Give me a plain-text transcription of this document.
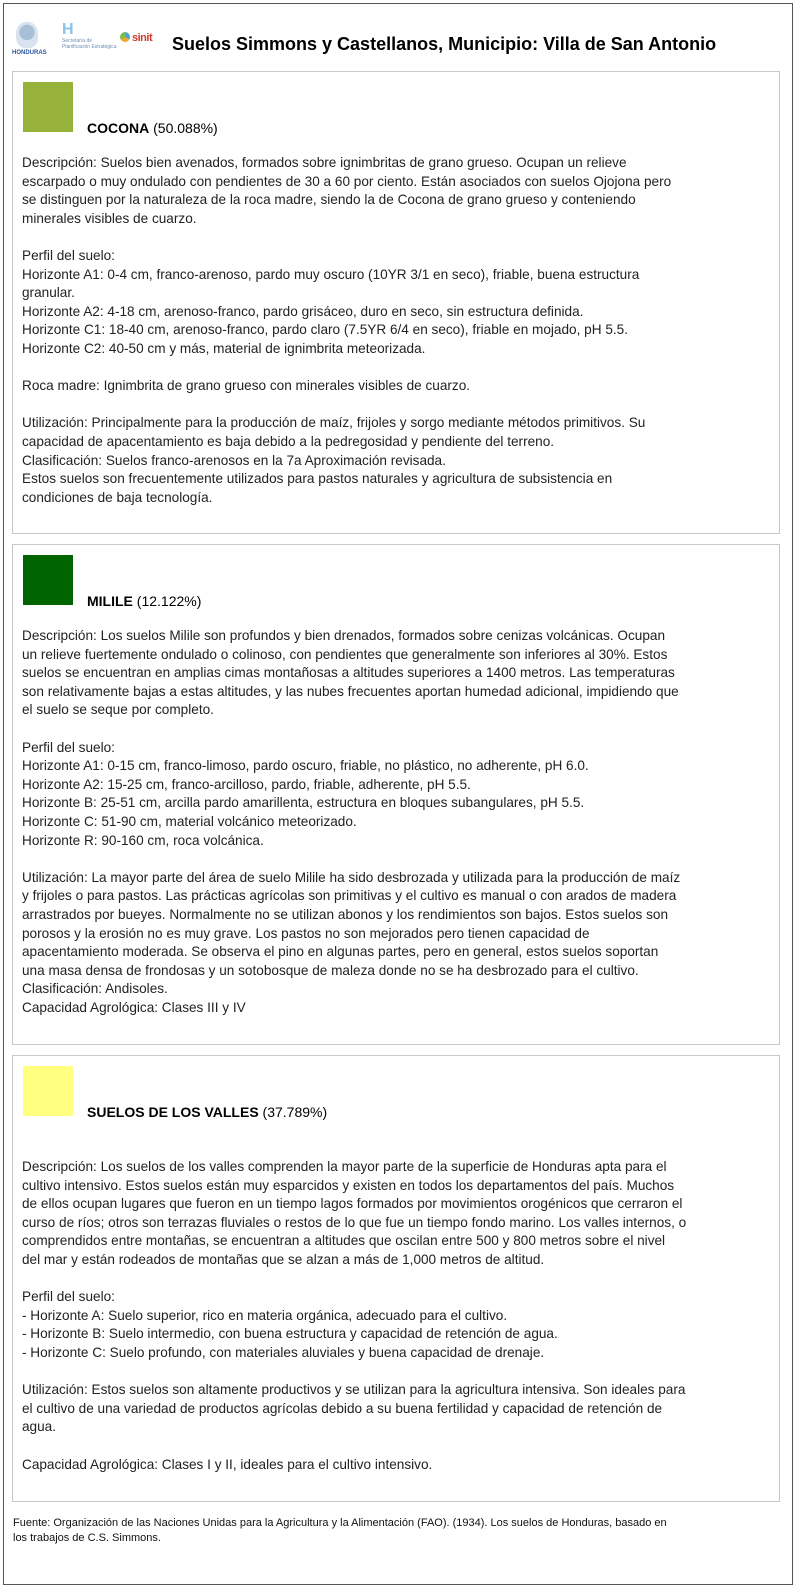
HONDURAS
H
Secretaría de Planificación Estratégica
sinit Suelos Simmons y Castellanos, Municipio: Villa de San Antonio
COCONA (50.088%)

Descripción: Suelos bien avenados, formados sobre ignimbritas de grano grueso. Ocupan un relieve

escarpado o muy ondulado con pendientes de 30 a 60 por ciento. Están asociados con suelos Ojojona pero

se distinguen por la naturaleza de la roca madre, siendo la de Cocona de grano grueso y conteniendo

minerales visibles de cuarzo.

Perfil del suelo:

Horizonte A1: 0-4 cm, franco-arenoso, pardo muy oscuro (10YR 3/1 en seco), friable, buena estructura

granular.

Horizonte A2: 4-18 cm, arenoso-franco, pardo grisáceo, duro en seco, sin estructura definida.

Horizonte C1: 18-40 cm, arenoso-franco, pardo claro (7.5YR 6/4 en seco), friable en mojado, pH 5.5.

Horizonte C2: 40-50 cm y más, material de ignimbrita meteorizada.

Roca madre: Ignimbrita de grano grueso con minerales visibles de cuarzo.

Utilización: Principalmente para la producción de maíz, frijoles y sorgo mediante métodos primitivos. Su

capacidad de apacentamiento es baja debido a la pedregosidad y pendiente del terreno.

Clasificación: Suelos franco-arenosos en la 7a Aproximación revisada.

Estos suelos son frecuentemente utilizados para pastos naturales y agricultura de subsistencia en

condiciones de baja tecnología.

MILILE (12.122%)

Descripción: Los suelos Milile son profundos y bien drenados, formados sobre cenizas volcánicas. Ocupan

un relieve fuertemente ondulado o colinoso, con pendientes que generalmente son inferiores al 30%. Estos

suelos se encuentran en amplias cimas montañosas a altitudes superiores a 1400 metros. Las temperaturas

son relativamente bajas a estas altitudes, y las nubes frecuentes aportan humedad adicional, impidiendo que

el suelo se seque por completo.

Perfil del suelo:

Horizonte A1: 0-15 cm, franco-limoso, pardo oscuro, friable, no plástico, no adherente, pH 6.0.

Horizonte A2: 15-25 cm, franco-arcilloso, pardo, friable, adherente, pH 5.5.

Horizonte B: 25-51 cm, arcilla pardo amarillenta, estructura en bloques subangulares, pH 5.5.

Horizonte C: 51-90 cm, material volcánico meteorizado.

Horizonte R: 90-160 cm, roca volcánica.

Utilización: La mayor parte del área de suelo Milile ha sido desbrozada y utilizada para la producción de maíz

y frijoles o para pastos. Las prácticas agrícolas son primitivas y el cultivo es manual o con arados de madera

arrastrados por bueyes. Normalmente no se utilizan abonos y los rendimientos son bajos. Estos suelos son

porosos y la erosión no es muy grave. Los pastos no son mejorados pero tienen capacidad de

apacentamiento moderada. Se observa el pino en algunas partes, pero en general, estos suelos soportan

una masa densa de frondosas y un sotobosque de maleza donde no se ha desbrozado para el cultivo.

Clasificación: Andisoles.

Capacidad Agrológica: Clases III y IV

SUELOS DE LOS VALLES (37.789%)

Descripción: Los suelos de los valles comprenden la mayor parte de la superficie de Honduras apta para el

cultivo intensivo. Estos suelos están muy esparcidos y existen en todos los departamentos del país. Muchos

de ellos ocupan lugares que fueron en un tiempo lagos formados por movimientos orogénicos que cerraron el

curso de ríos; otros son terrazas fluviales o restos de lo que fue un tiempo fondo marino. Los valles internos, o

comprendidos entre montañas, se encuentran a altitudes que oscilan entre 500 y 800 metros sobre el nivel

del mar y están rodeados de montañas que se alzan a más de 1,000 metros de altitud.

Perfil del suelo:

- Horizonte A: Suelo superior, rico en materia orgánica, adecuado para el cultivo.

- Horizonte B: Suelo intermedio, con buena estructura y capacidad de retención de agua.

- Horizonte C: Suelo profundo, con materiales aluviales y buena capacidad de drenaje.

Utilización: Estos suelos son altamente productivos y se utilizan para la agricultura intensiva. Son ideales para

el cultivo de una variedad de productos agrícolas debido a su buena fertilidad y capacidad de retención de

agua.

Capacidad Agrológica: Clases I y II, ideales para el cultivo intensivo.

Fuente: Organización de las Naciones Unidas para la Agricultura y la Alimentación (FAO). (1934). Los suelos de Honduras, basado en
los trabajos de C.S. Simmons.
